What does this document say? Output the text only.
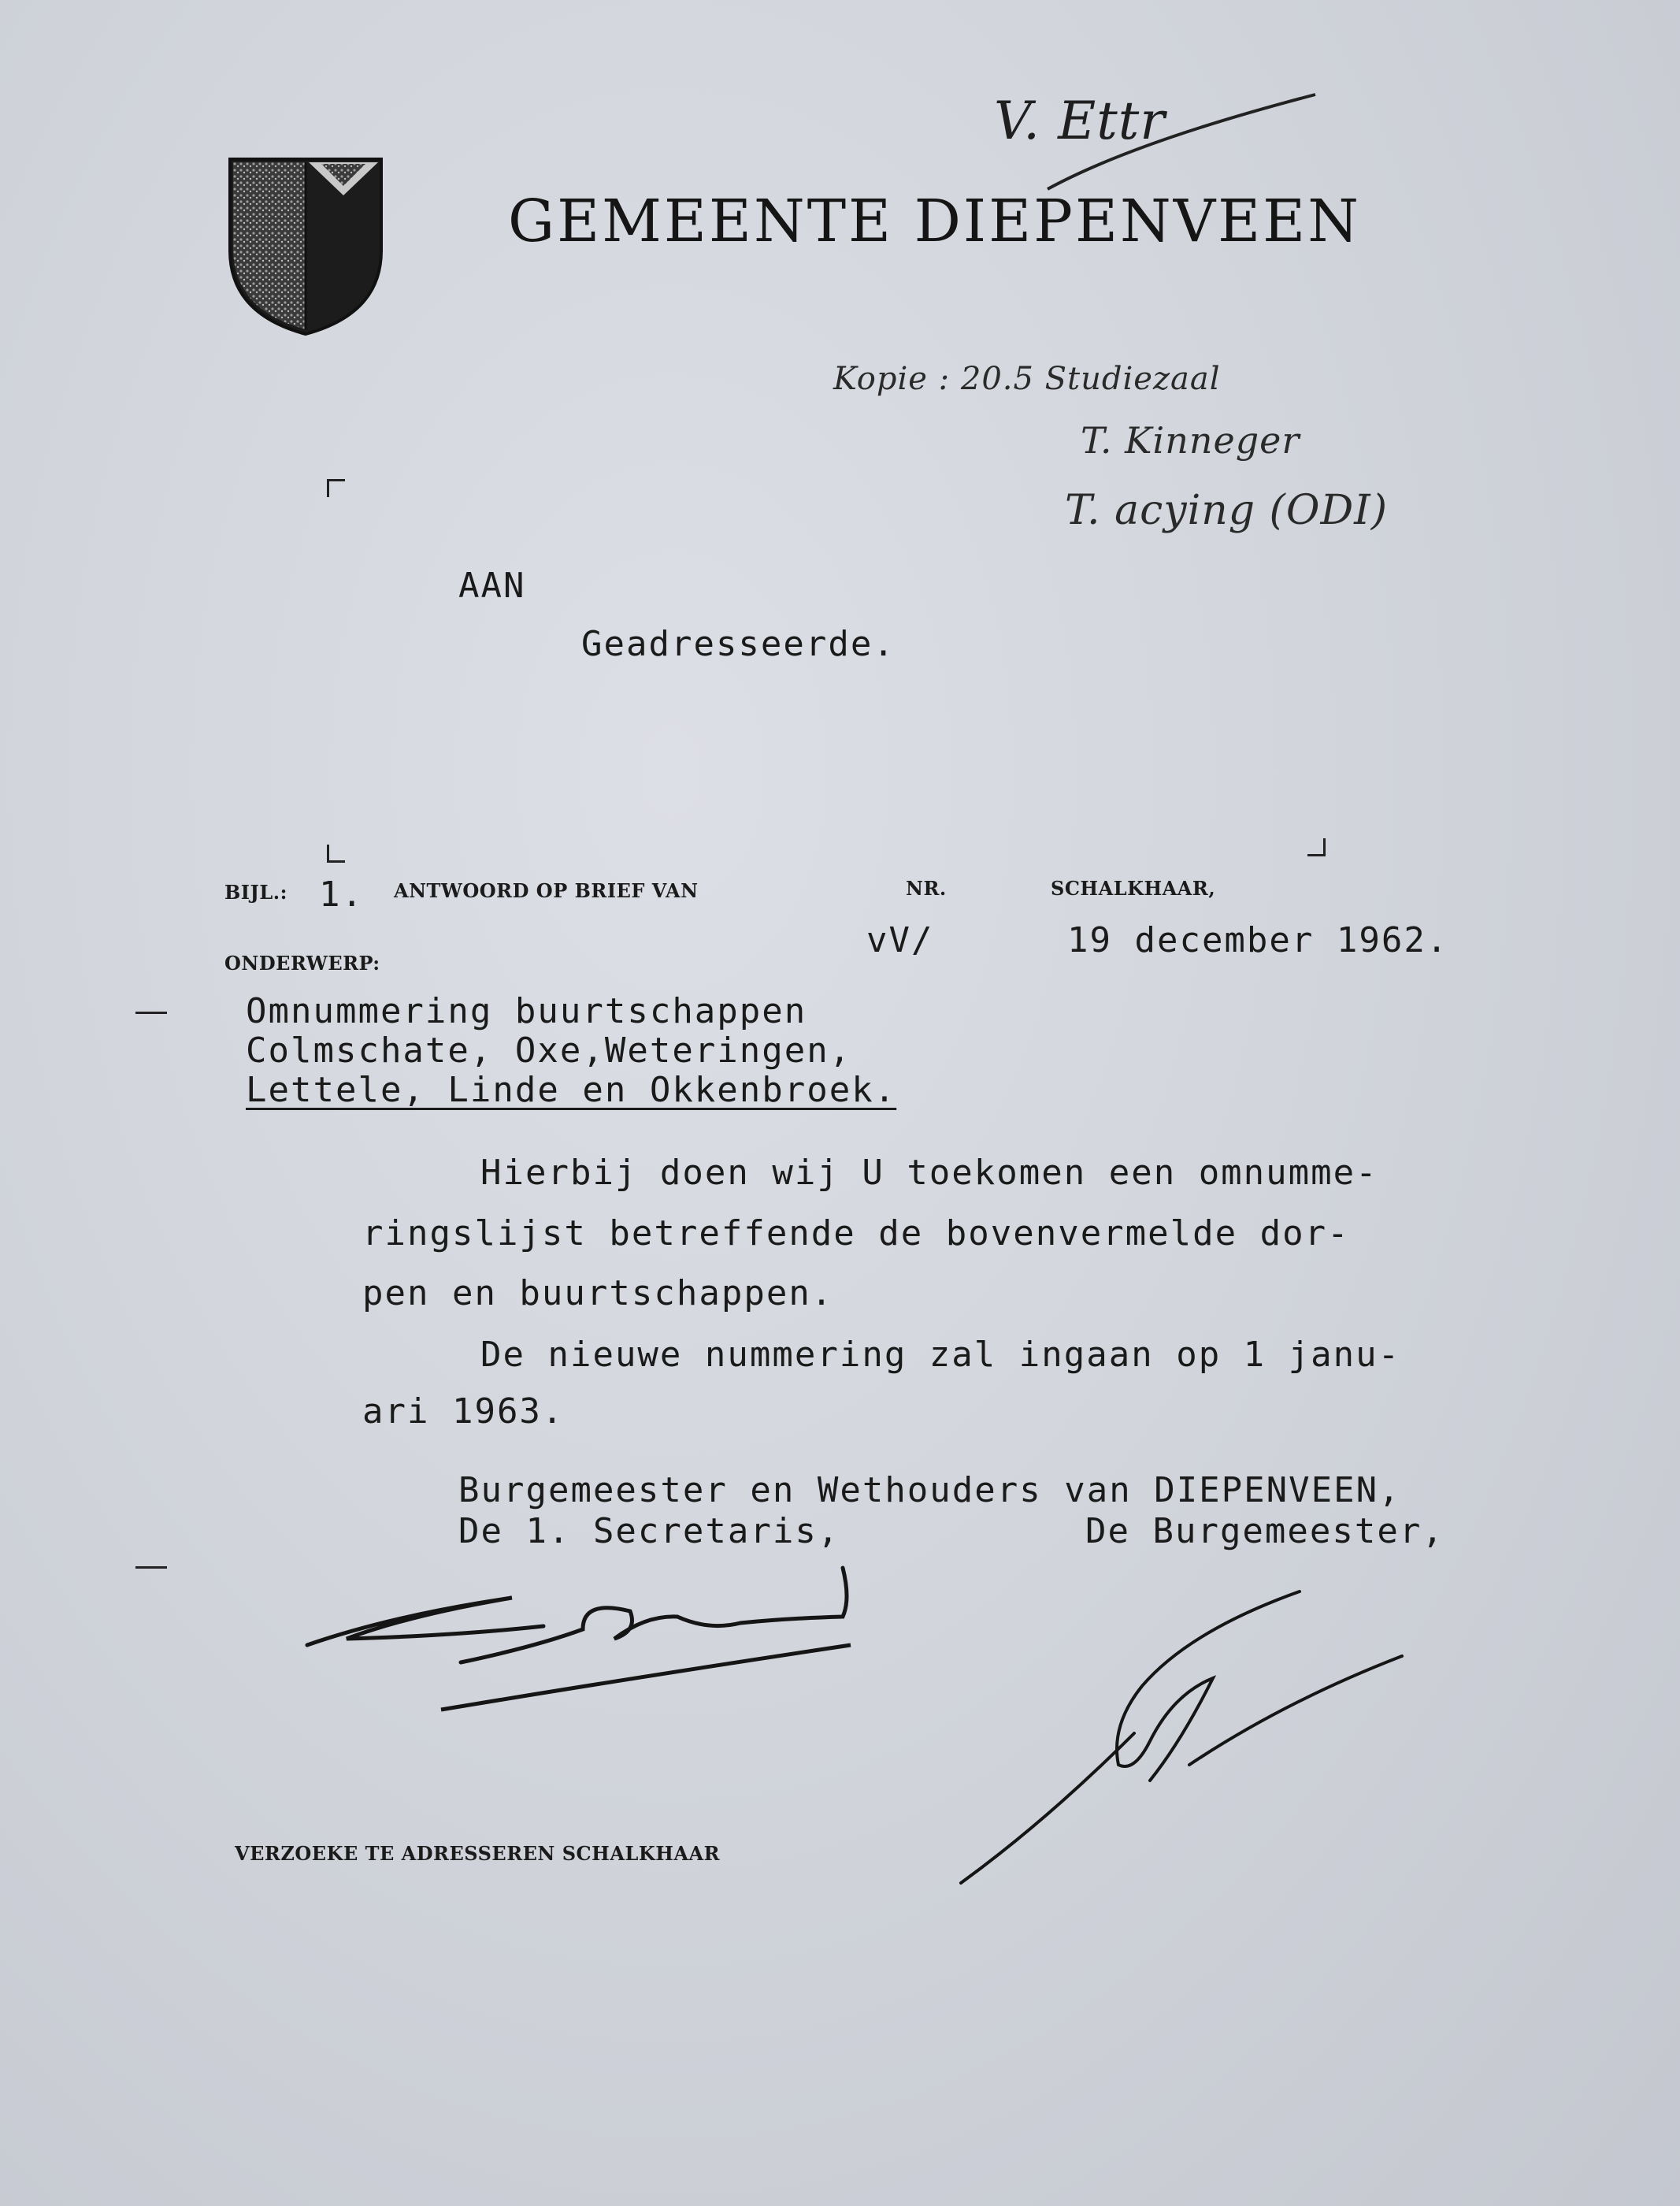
GEMEENTE DIEPENVEEN
V. Ettr
Kopie : 20.5 Studiezaal
T. Kinneger
T. acying (ODI)
AAN
Geadresseerde.
BIJL.: 1. ANTWOORD OP BRIEF VAN	NR.	SCHALKHAAR,
vV/	19 december 1962.
ONDERWERP:
Omnummering buurtschappen
Colmschate, Oxe,Weteringen,
Lettele, Linde en Okkenbroek.
Hierbij doen wij U toekomen een omnumme-
ringslijst betreffende de bovenvermelde dor-
pen en buurtschappen.
De nieuwe nummering zal ingaan op 1 janu-
ari 1963.
Burgemeester en Wethouders van DIEPENVEEN,
De 1. Secretaris,	De Burgemeester,
VERZOEKE TE ADRESSEREN SCHALKHAAR
